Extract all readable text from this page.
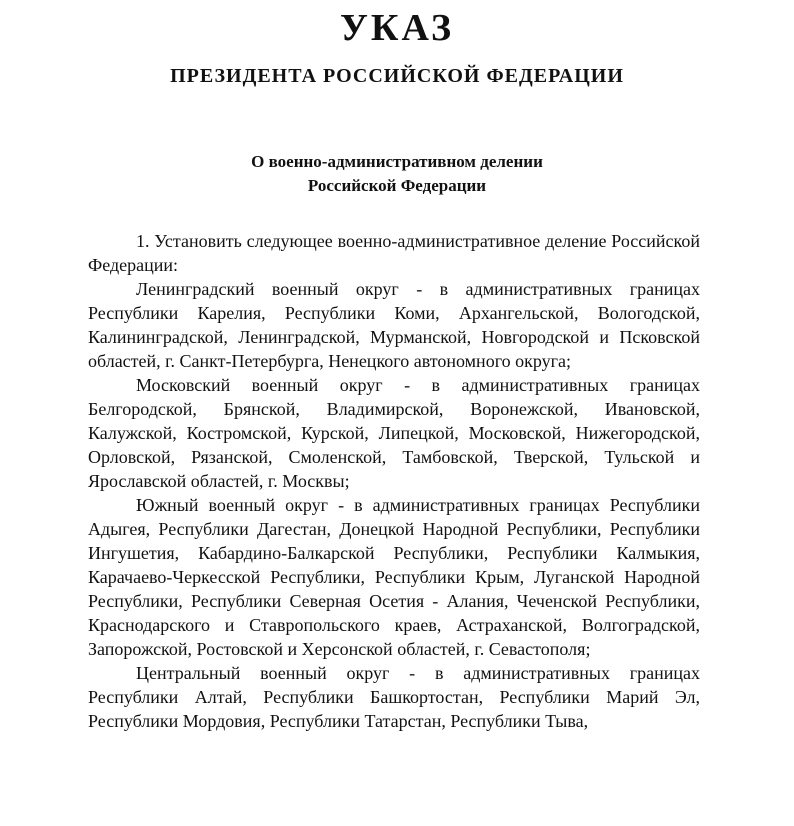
УКАЗ
ПРЕЗИДЕНТА РОССИЙСКОЙ ФЕДЕРАЦИИ
О военно-административном делении
Российской Федерации

1. Установить следующее военно-административное деление Российской Федерации:

Ленинградский военный округ - в административных границах Республики Карелия, Республики Коми, Архангельской, Вологодской, Калининградской, Ленинградской, Мурманской, Новгородской и Псковской областей, г. Санкт-Петербурга, Ненецкого автономного округа;

Московский военный округ - в административных границах Белгородской, Брянской, Владимирской, Воронежской, Ивановской, Калужской, Костромской, Курской, Липецкой, Московской, Нижегородской, Орловской, Рязанской, Смоленской, Тамбовской, Тверской, Тульской и Ярославской областей, г. Москвы;

Южный военный округ - в административных границах Республики Адыгея, Республики Дагестан, Донецкой Народной Республики, Республики Ингушетия, Кабардино-Балкарской Республики, Республики Калмыкия, Карачаево-Черкесской Республики, Республики Крым, Луганской Народной Республики, Республики Северная Осетия - Алания, Чеченской Республики, Краснодарского и Ставропольского краев, Астраханской, Волгоградской, Запорожской, Ростовской и Херсонской областей, г. Севастополя;

Центральный военный округ - в административных границах Республики Алтай, Республики Башкортостан, Республики Марий Эл, Республики Мордовия, Республики Татарстан, Республики Тыва,
